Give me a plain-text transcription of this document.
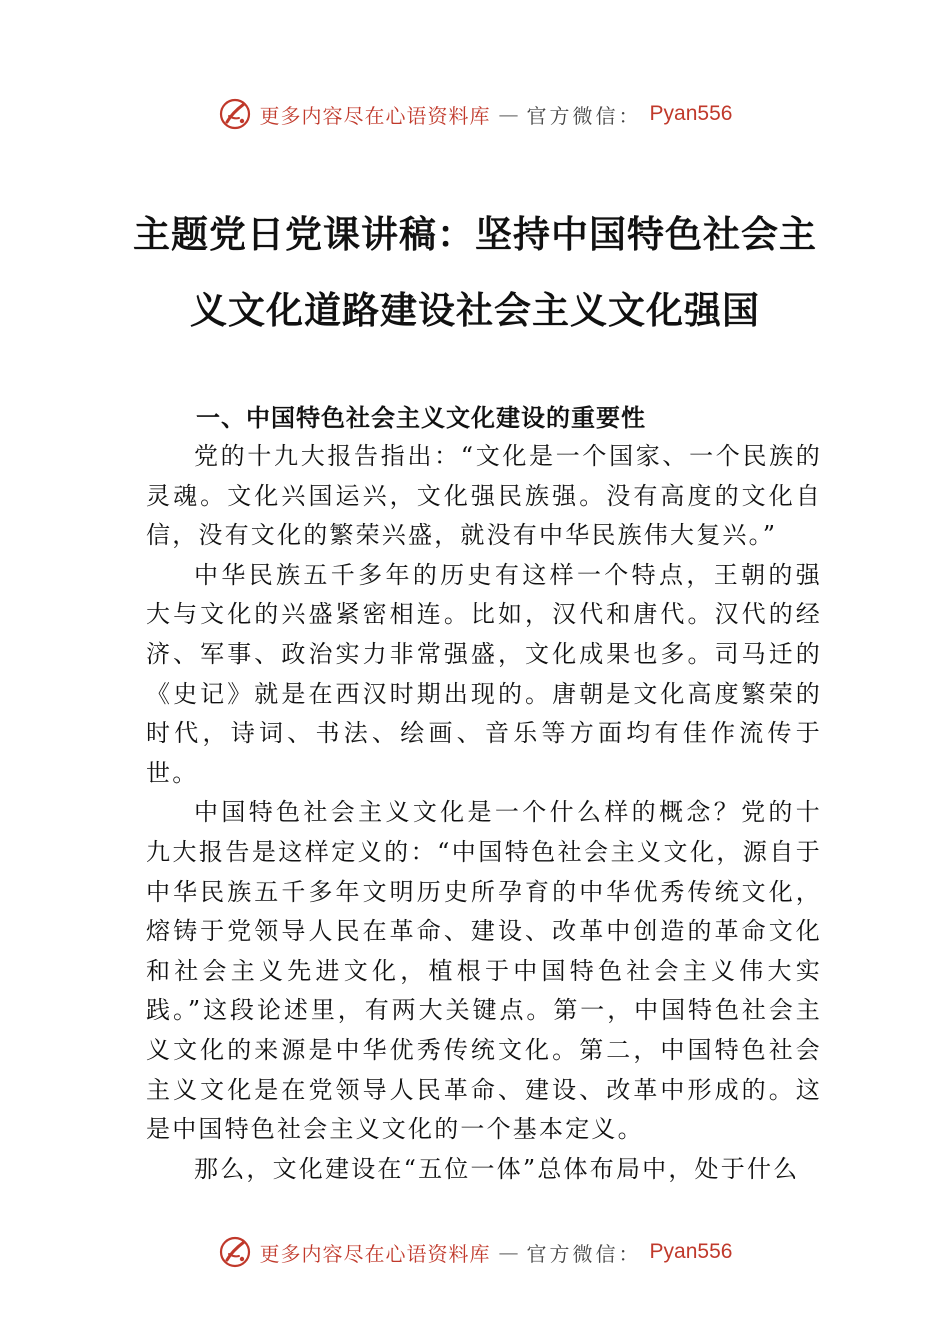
更多内容尽在心语资料库 — 官方微信： Pyan556
主题党日党课讲稿：坚持中国特色社会主
义文化道路建设社会主义文化强国
一、中国特色社会主义文化建设的重要性

党的十九大报告指出：“文化是一个国家、一个民族的灵魂。文化兴国运兴，文化强民族强。没有高度的文化自信，没有文化的繁荣兴盛，就没有中华民族伟大复兴。”

中华民族五千多年的历史有这样一个特点，王朝的强大与文化的兴盛紧密相连。比如，汉代和唐代。汉代的经济、军事、政治实力非常强盛，文化成果也多。司马迁的《史记》就是在西汉时期出现的。唐朝是文化高度繁荣的时代，诗词、书法、绘画、音乐等方面均有佳作流传于世。

中国特色社会主义文化是一个什么样的概念？党的十九大报告是这样定义的：“中国特色社会主义文化，源自于中华民族五千多年文明历史所孕育的中华优秀传统文化，熔铸于党领导人民在革命、建设、改革中创造的革命文化和社会主义先进文化，植根于中国特色社会主义伟大实践。”这段论述里，有两大关键点。第一，中国特色社会主义文化的来源是中华优秀传统文化。第二，中国特色社会主义文化是在党领导人民革命、建设、改革中形成的。这是中国特色社会主义文化的一个基本定义。

那么，文化建设在“五位一体”总体布局中，处于什么

更多内容尽在心语资料库 — 官方微信： Pyan556
